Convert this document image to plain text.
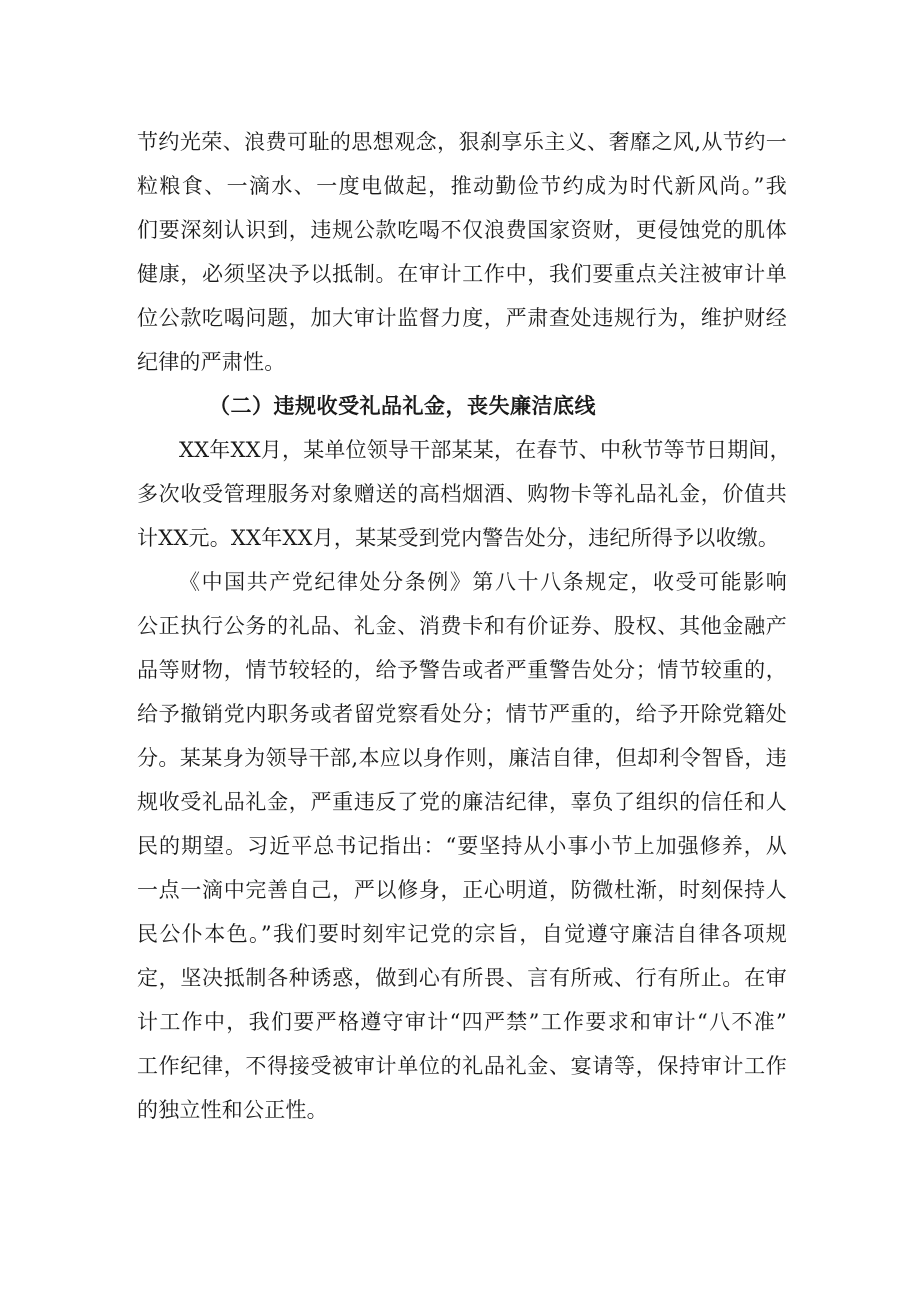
节约光荣、浪费可耻的思想观念，狠刹享乐主义、奢靡之风,从节约一
粒粮食、一滴水、一度电做起，推动勤俭节约成为时代新风尚。”我
们要深刻认识到，违规公款吃喝不仅浪费国家资财，更侵蚀党的肌体
健康，必须坚决予以抵制。在审计工作中，我们要重点关注被审计单
位公款吃喝问题，加大审计监督力度，严肃查处违规行为，维护财经
纪律的严肃性。
（二）违规收受礼品礼金，丧失廉洁底线
XX年XX月，某单位领导干部某某，在春节、中秋节等节日期间，
多次收受管理服务对象赠送的高档烟酒、购物卡等礼品礼金，价值共
计XX元。XX年XX月，某某受到党内警告处分，违纪所得予以收缴。
《中国共产党纪律处分条例》第八十八条规定，收受可能影响
公正执行公务的礼品、礼金、消费卡和有价证券、股权、其他金融产
品等财物，情节较轻的，给予警告或者严重警告处分；情节较重的，
给予撤销党内职务或者留党察看处分；情节严重的，给予开除党籍处
分。某某身为领导干部,本应以身作则，廉洁自律，但却利令智昏，违
规收受礼品礼金，严重违反了党的廉洁纪律，辜负了组织的信任和人
民的期望。习近平总书记指出：“要坚持从小事小节上加强修养，从
一点一滴中完善自己，严以修身，正心明道，防微杜渐，时刻保持人
民公仆本色。”我们要时刻牢记党的宗旨，自觉遵守廉洁自律各项规
定，坚决抵制各种诱惑，做到心有所畏、言有所戒、行有所止。在审
计工作中，我们要严格遵守审计“四严禁”工作要求和审计“八不准”
工作纪律，不得接受被审计单位的礼品礼金、宴请等，保持审计工作
的独立性和公正性。
